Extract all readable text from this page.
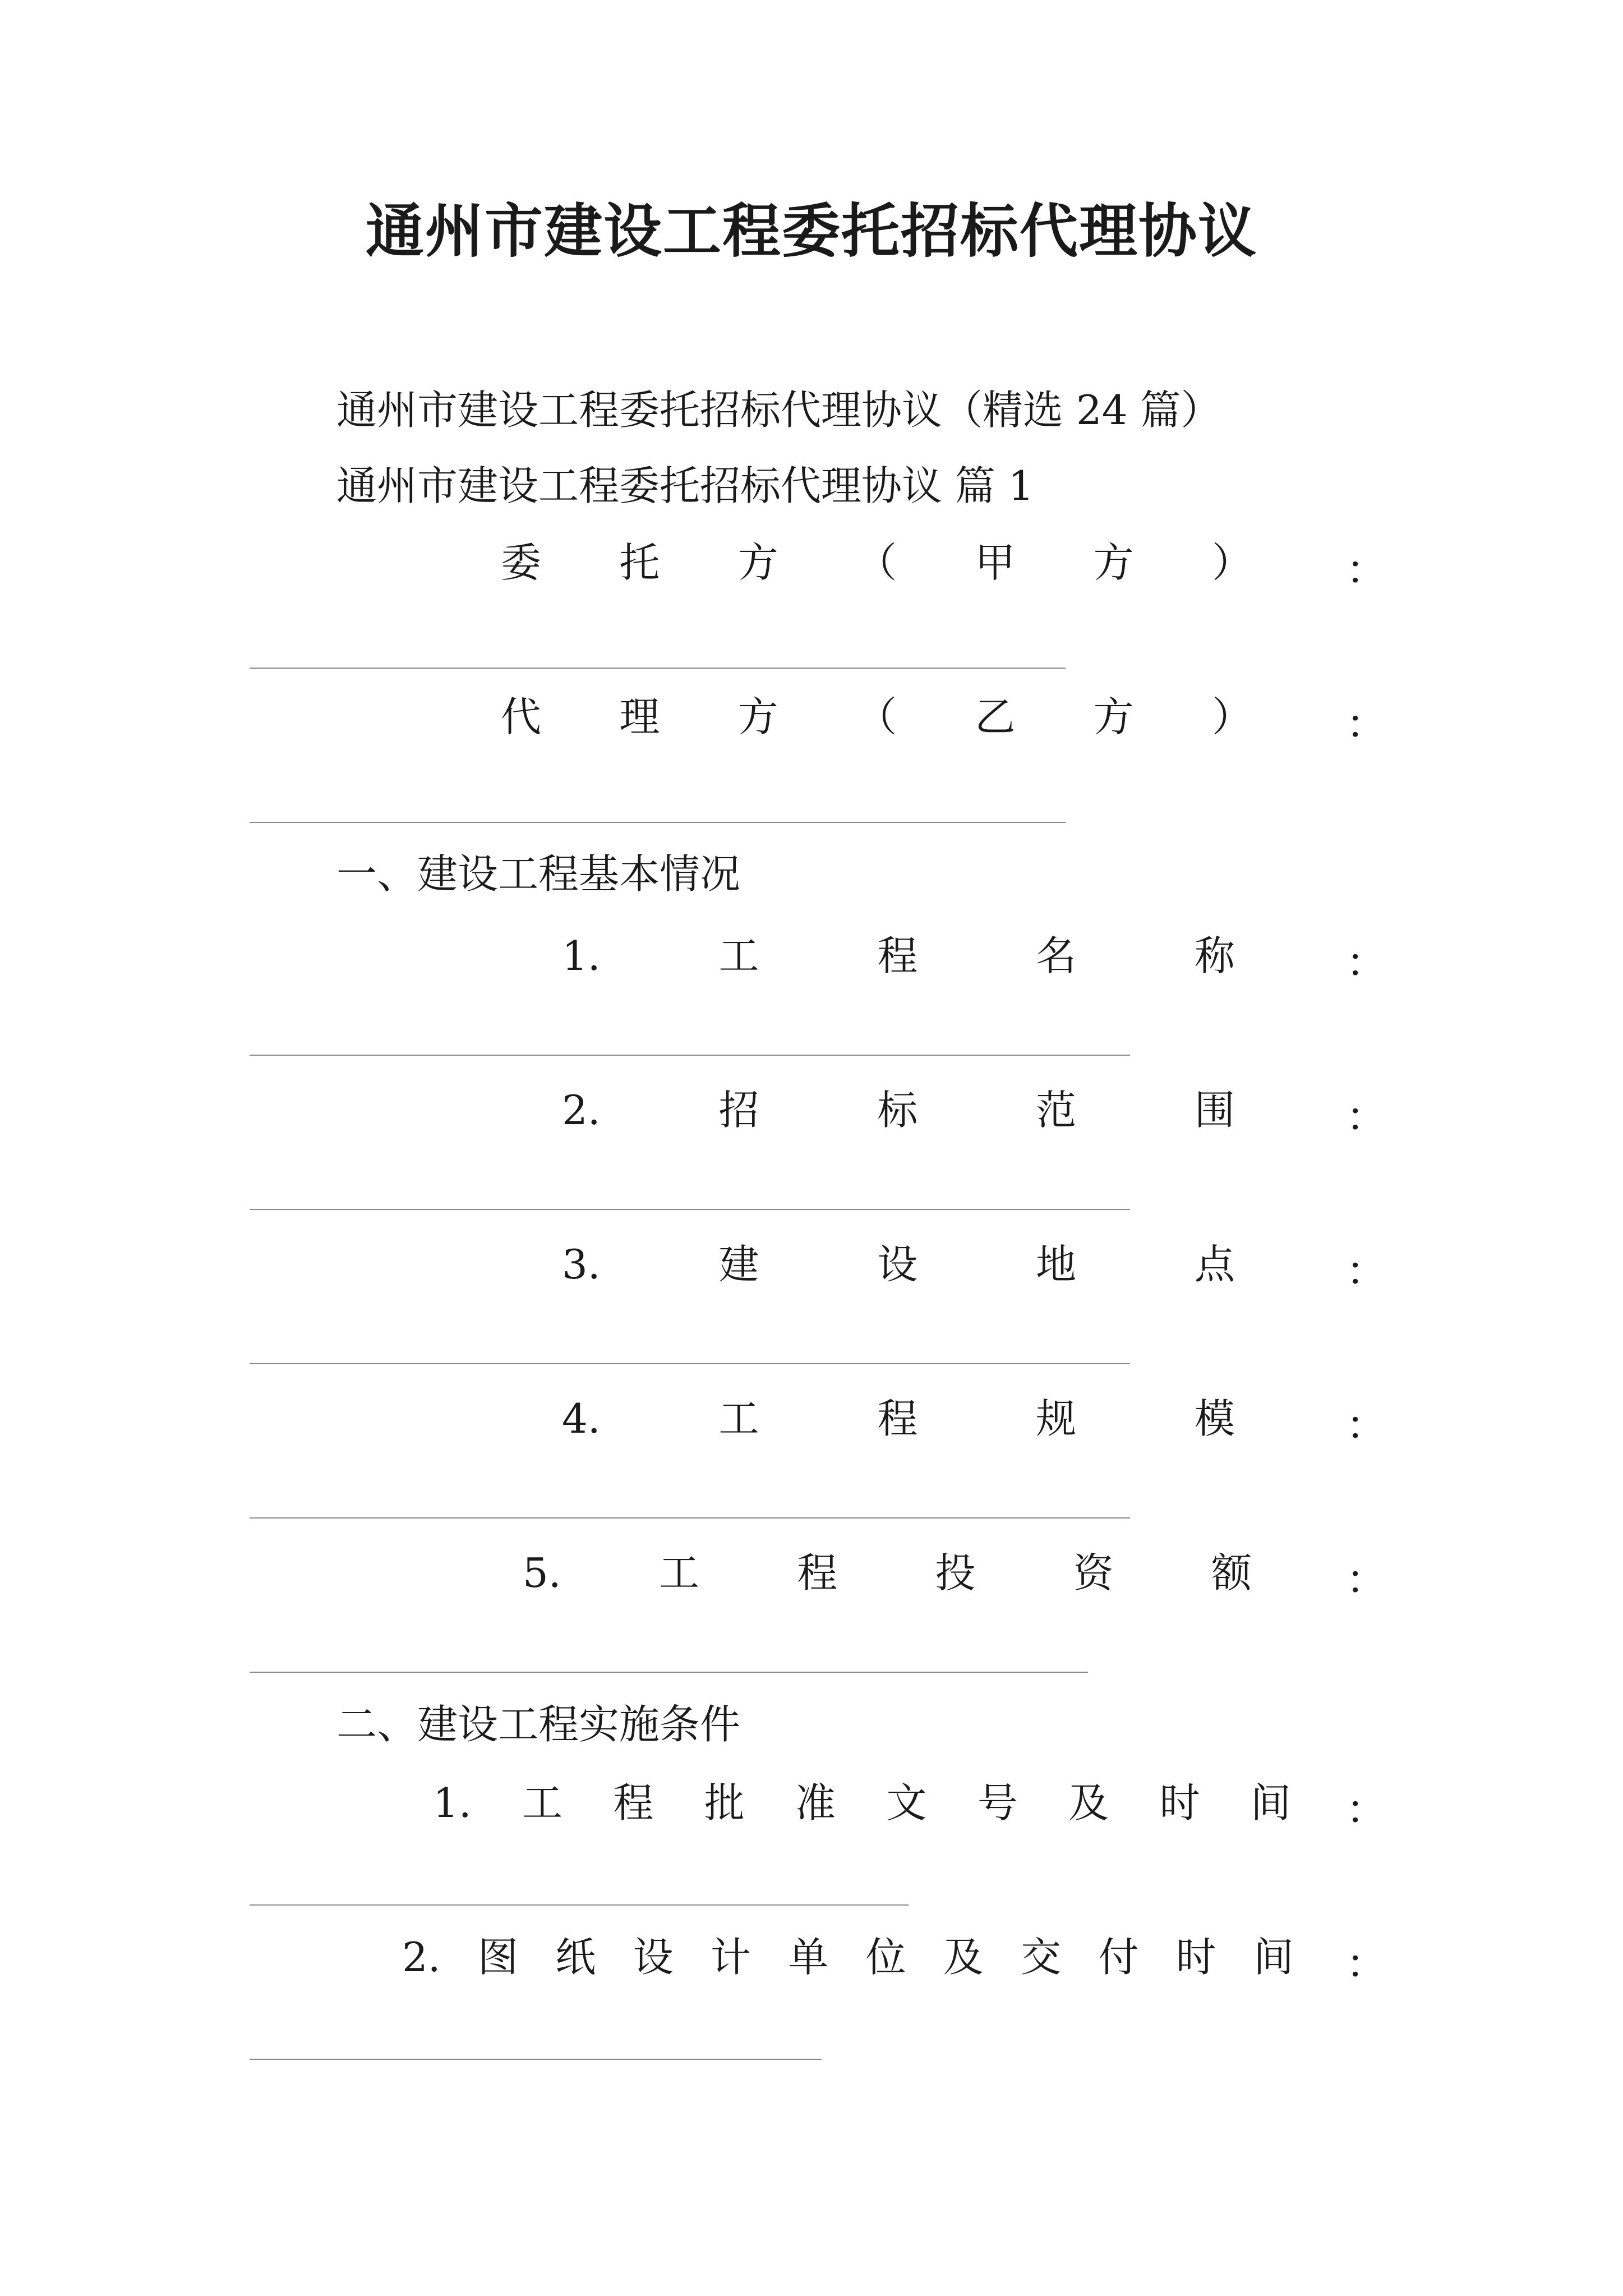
通州市建设工程委托招标代理协议
通州市建设工程委托招标代理协议（精选 24 篇）
通州市建设工程委托招标代理协议 篇 1
委 托 方 （ 甲 方 ） ：
代 理 方 （ 乙 方 ） ：
一、建设工程基本情况
1.	工	程	名	称	：
2.	招	标	范	围	：
3.	建	设	地	点	：
4.	工	程	规	模	：
5. 工 程 投 资 额 ：
二、建设工程实施条件
1. 工 程 批 准 文 号 及 时 间 ：
2. 图 纸 设 计 单 位 及 交 付 时 间 ：
